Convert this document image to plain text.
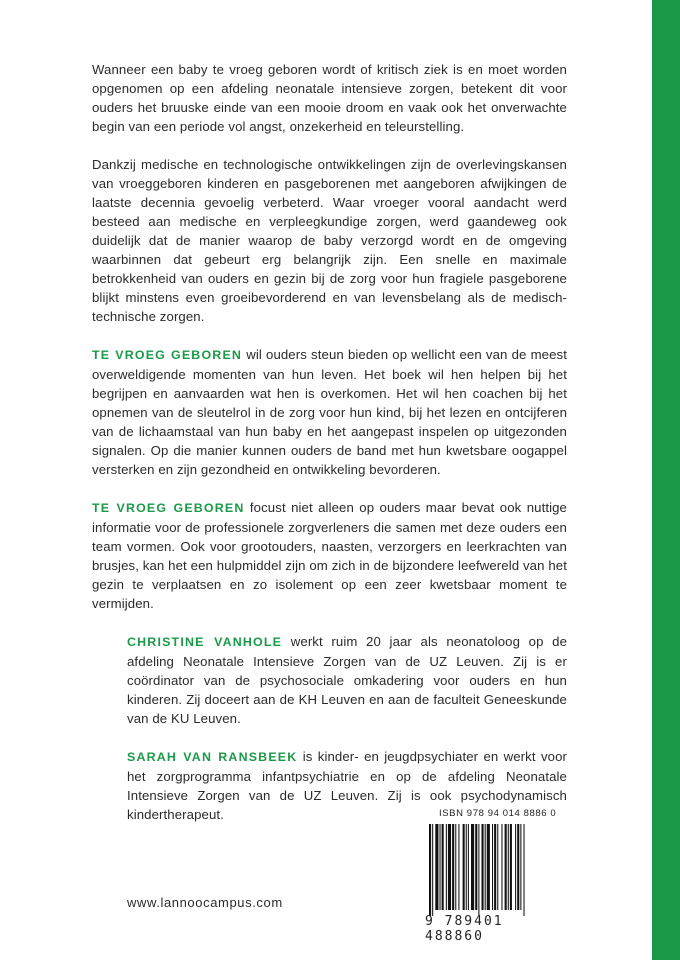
Wanneer een baby te vroeg geboren wordt of kritisch ziek is en moet worden opgenomen op een afdeling neonatale intensieve zorgen, betekent dit voor ouders het bruuske einde van een mooie droom en vaak ook het onverwachte begin van een periode vol angst, onzekerheid en teleurstelling.

Dankzij medische en technologische ontwikkelingen zijn de overlevingskansen van vroeggeboren kinderen en pasgeborenen met aangeboren afwijkingen de laatste decennia gevoelig verbeterd. Waar vroeger vooral aandacht werd besteed aan medische en verpleegkundige zorgen, werd gaandeweg ook duidelijk dat de manier waarop de baby verzorgd wordt en de omgeving waarbinnen dat gebeurt erg belangrijk zijn. Een snelle en maximale betrokkenheid van ouders en gezin bij de zorg voor hun fragiele pasgeborene blijkt minstens even groeibevorderend en van levensbelang als de medisch-technische zorgen.

TE VROEG GEBOREN wil ouders steun bieden op wellicht een van de meest overweldigende momenten van hun leven. Het boek wil hen helpen bij het begrijpen en aanvaarden wat hen is overkomen. Het wil hen coachen bij het opnemen van de sleutelrol in de zorg voor hun kind, bij het lezen en ontcijferen van de lichaamstaal van hun baby en het aangepast inspelen op uitgezonden signalen. Op die manier kunnen ouders de band met hun kwetsbare oogappel versterken en zijn gezondheid en ontwikkeling bevorderen.

TE VROEG GEBOREN focust niet alleen op ouders maar bevat ook nuttige informatie voor de professionele zorgverleners die samen met deze ouders een team vormen. Ook voor grootouders, naasten, verzorgers en leerkrachten van brusjes, kan het een hulpmiddel zijn om zich in de bijzondere leefwereld van het gezin te verplaatsen en zo isolement op een zeer kwetsbaar moment te vermijden.

CHRISTINE VANHOLE werkt ruim 20 jaar als neonatoloog op de afdeling Neonatale Intensieve Zorgen van de UZ Leuven. Zij is er coördinator van de psychosociale omkadering voor ouders en hun kinderen. Zij doceert aan de KH Leuven en aan de faculteit Geneeskunde van de KU Leuven.

SARAH VAN RANSBEEK is kinder- en jeugdpsychiater en werkt voor het zorgprogramma infantpsychiatrie en op de afdeling Neonatale Intensieve Zorgen van de UZ Leuven. Zij is ook psychodynamisch kindertherapeut.

www.lannoocampus.com
ISBN 978 94 014 8886 0
9 789401 488860
